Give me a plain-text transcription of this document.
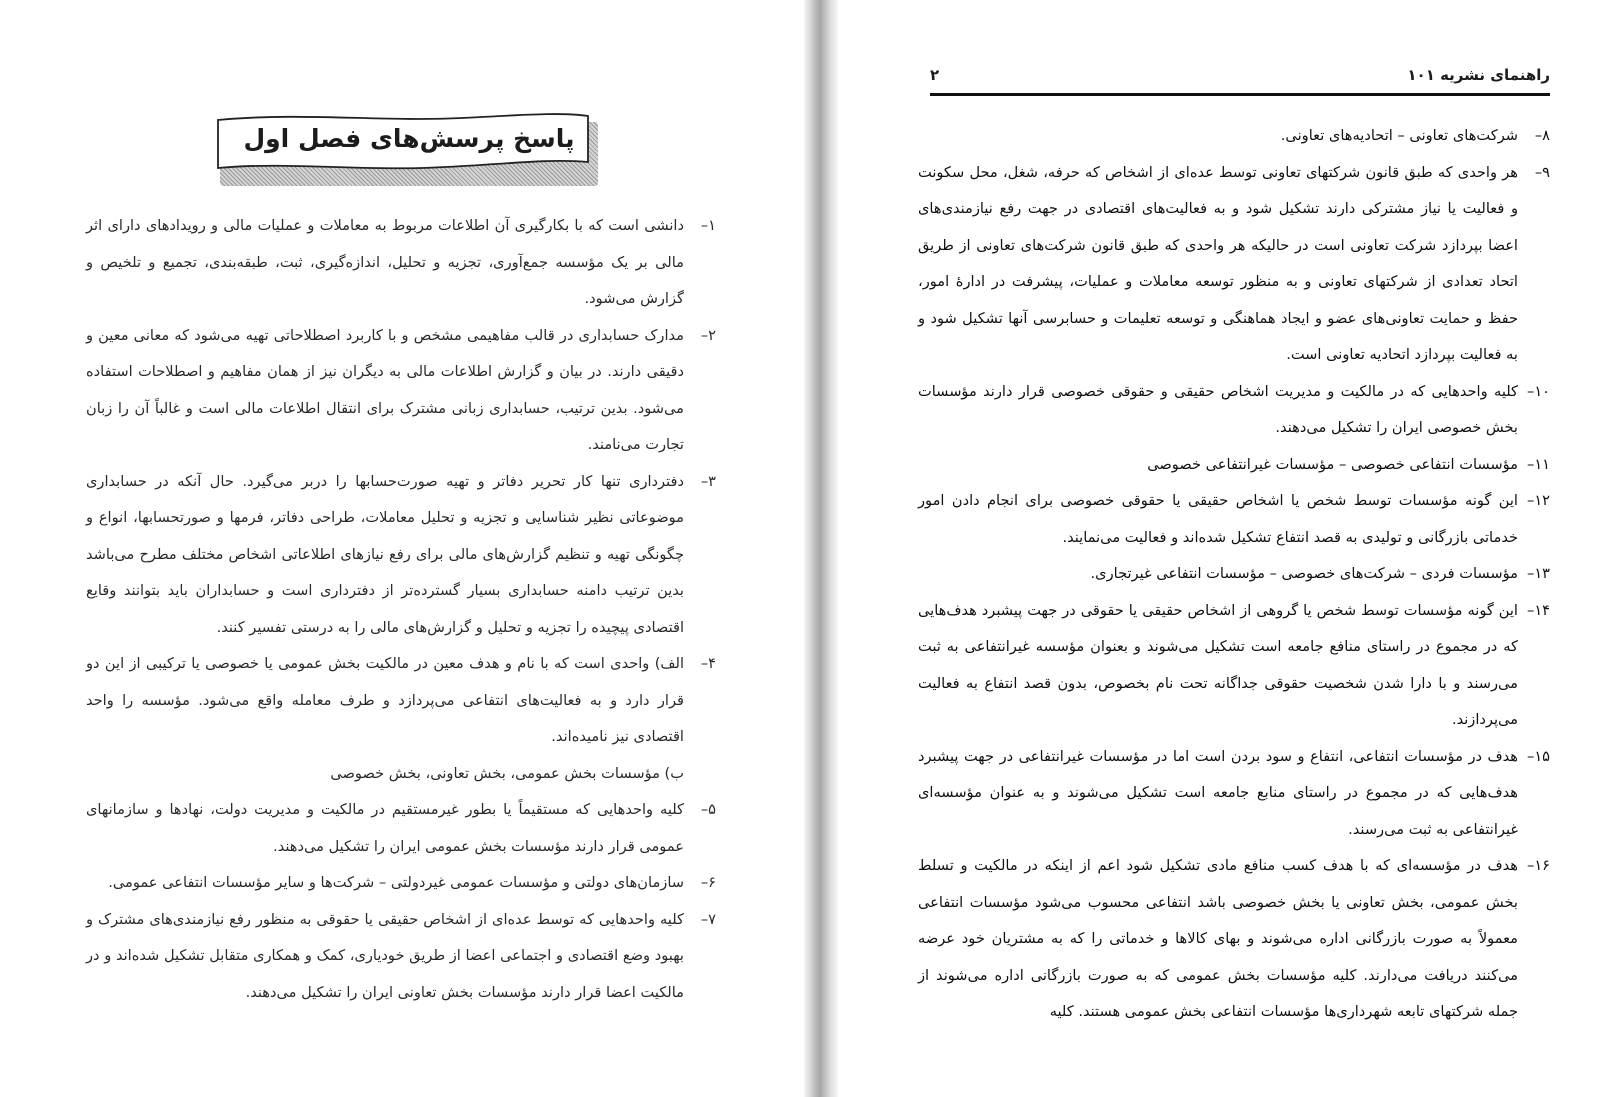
پاسخ پرسش‌های فصل اول

۱–
دانشی است که با بکارگیری آن اطلاعات مربوط به معاملات و عملیات مالی و رویدادهای دارای اثر مالی بر یک مؤسسه جمع‌آوری، تجزیه و تحلیل، اندازه‌گیری، ثبت، طبقه‌بندی، تجمیع و تلخیص و گزارش می‌شود.

۲–
مدارک حسابداری در قالب مفاهیمی مشخص و با کاربرد اصطلاحاتی تهیه می‌شود که معانی معین و دقیقی دارند. در بیان و گزارش اطلاعات مالی به دیگران نیز از همان مفاهیم و اصطلاحات استفاده می‌شود. بدین ترتیب، حسابداری زبانی مشترک برای انتقال اطلاعات مالی است و غالباً آن را زبان تجارت می‌نامند.

۳–
دفترداری تنها کار تحریر دفاتر و تهیه صورت‌حسابها را دربر می‌گیرد. حال آنکه در حسابداری موضوعاتی نظیر شناسایی و تجزیه و تحلیل معاملات، طراحی دفاتر، فرمها و صورتحسابها، انواع و چگونگی تهیه و تنظیم گزارش‌های مالی برای رفع نیازهای اطلاعاتی اشخاص مختلف مطرح می‌باشد بدین ترتیب دامنه حسابداری بسیار گسترده‌تر از دفترداری است و حسابداران باید بتوانند وقایع اقتصادی پیچیده را تجزیه و تحلیل و گزارش‌های مالی را به درستی تفسیر کنند.

۴–
الف) واحدی است که با نام و هدف معین در مالکیت بخش عمومی یا خصوصی یا ترکیبی از این دو قرار دارد و به فعالیت‌های انتفاعی می‌پردازد و طرف معامله واقع می‌شود. مؤسسه را واحد اقتصادی نیز نامیده‌اند.
ب) مؤسسات بخش عمومی، بخش تعاونی، بخش خصوصی

۵–
کلیه واحدهایی که مستقیماً یا بطور غیرمستقیم در مالکیت و مدیریت دولت، نهادها و سازمانهای عمومی قرار دارند مؤسسات بخش عمومی ایران را تشکیل می‌دهند.

۶–
سازمان‌های دولتی و مؤسسات عمومی غیردولتی – شرکت‌ها و سایر مؤسسات انتفاعی عمومی.

۷–
کلیه واحدهایی که توسط عده‌ای از اشخاص حقیقی یا حقوقی به منظور رفع نیازمندی‌های مشترک و بهبود وضع اقتصادی و اجتماعی اعضا از طریق خودیاری، کمک و همکاری متقابل تشکیل شده‌اند و در مالکیت اعضا قرار دارند مؤسسات بخش تعاونی ایران را تشکیل می‌دهند.

راهنمای نشریه ۱۰۱
۲

۸–
شرکت‌های تعاونی – اتحادیه‌های تعاونی.

۹–
هر واحدی که طبق قانون شرکتهای تعاونی توسط عده‌ای از اشخاص که حرفه، شغل، محل سکونت و فعالیت یا نیاز مشترکی دارند تشکیل شود و به فعالیت‌های اقتصادی در جهت رفع نیازمندی‌های اعضا بپردازد شرکت تعاونی است در حالیکه هر واحدی که طبق قانون شرکت‌های تعاونی از طریق اتحاد تعدادی از شرکتهای تعاونی و به منظور توسعه معاملات و عملیات، پیشرفت در ادارهٔ امور، حفظ و حمایت تعاونی‌های عضو و ایجاد هماهنگی و توسعه تعلیمات و حسابرسی آنها تشکیل شود و به فعالیت بپردازد اتحادیه تعاونی است.

۱۰–
کلیه واحدهایی که در مالکیت و مدیریت اشخاص حقیقی و حقوقی خصوصی قرار دارند مؤسسات بخش خصوصی ایران را تشکیل می‌دهند.

۱۱–
مؤسسات انتفاعی خصوصی – مؤسسات غیرانتفاعی خصوصی

۱۲–
این گونه مؤسسات توسط شخص یا اشخاص حقیقی یا حقوقی خصوصی برای انجام دادن امور خدماتی بازرگانی و تولیدی به قصد انتفاع تشکیل شده‌اند و فعالیت می‌نمایند.

۱۳–
مؤسسات فردی – شرکت‌های خصوصی – مؤسسات انتفاعی غیرتجاری.

۱۴–
این گونه مؤسسات توسط شخص یا گروهی از اشخاص حقیقی یا حقوقی در جهت پیشبرد هدف‌هایی که در مجموع در راستای منافع جامعه است تشکیل می‌شوند و بعنوان مؤسسه غیرانتفاعی به ثبت می‌رسند و با دارا شدن شخصیت حقوقی جداگانه تحت نام بخصوص، بدون قصد انتفاع به فعالیت می‌پردازند.

۱۵–
هدف در مؤسسات انتفاعی، انتفاع و سود بردن است اما در مؤسسات غیرانتفاعی در جهت پیشبرد هدف‌هایی که در مجموع در راستای منابع جامعه است تشکیل می‌شوند و به عنوان مؤسسه‌ای غیرانتفاعی به ثبت می‌رسند.

۱۶–
هدف در مؤسسه‌ای که با هدف کسب منافع مادی تشکیل شود اعم از اینکه در مالکیت و تسلط بخش عمومی، بخش تعاونی یا بخش خصوصی باشد انتفاعی محسوب می‌شود مؤسسات انتفاعی معمولاً به صورت بازرگانی اداره می‌شوند و بهای کالاها و خدماتی را که به مشتریان خود عرضه می‌کنند دریافت می‌دارند. کلیه مؤسسات بخش عمومی که به صورت بازرگانی اداره می‌شوند از جمله شرکتهای تابعه شهرداری‌ها مؤسسات انتفاعی بخش عمومی هستند. کلیه
